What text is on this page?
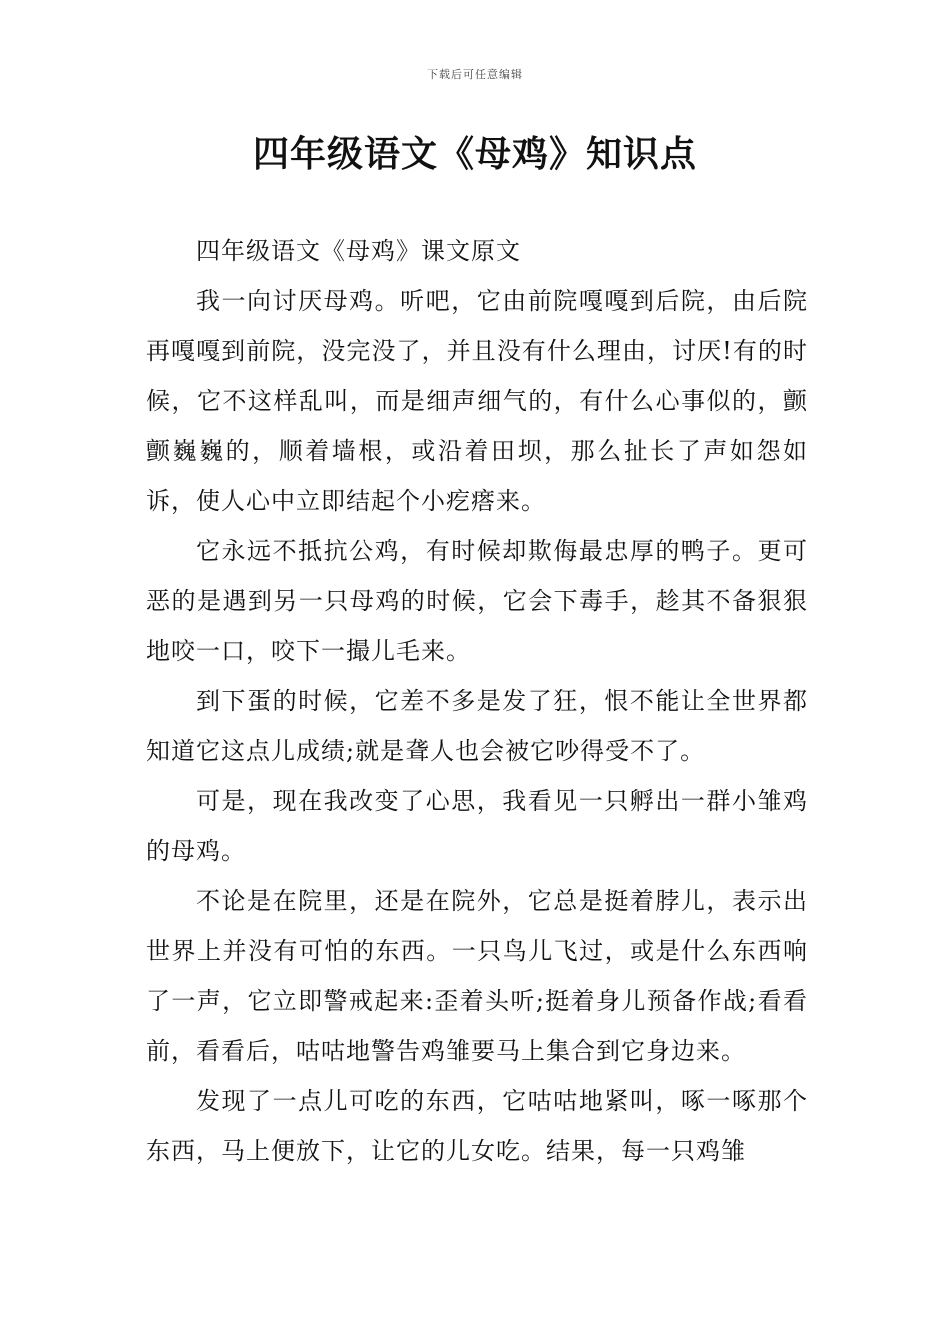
下载后可任意编辑
四年级语文《母鸡》知识点

四年级语文《母鸡》课文原文

我一向讨厌母鸡。听吧，它由前院嘎嘎到后院，由后院再嘎嘎到前院，没完没了，并且没有什么理由，讨厌!有的时候，它不这样乱叫，而是细声细气的，有什么心事似的，颤颤巍巍的，顺着墙根，或沿着田坝，那么扯长了声如怨如诉，使人心中立即结起个小疙瘩来。

它永远不抵抗公鸡，有时候却欺侮最忠厚的鸭子。更可恶的是遇到另一只母鸡的时候，它会下毒手，趁其不备狠狠地咬一口，咬下一撮儿毛来。

到下蛋的时候，它差不多是发了狂，恨不能让全世界都知道它这点儿成绩;就是聋人也会被它吵得受不了。

可是，现在我改变了心思，我看见一只孵出一群小雏鸡的母鸡。

不论是在院里，还是在院外，它总是挺着脖儿，表示出世界上并没有可怕的东西。一只鸟儿飞过，或是什么东西响了一声，它立即警戒起来:歪着头听;挺着身儿预备作战;看看前，看看后，咕咕地警告鸡雏要马上集合到它身边来。

发现了一点儿可吃的东西，它咕咕地紧叫，啄一啄那个东西，马上便放下，让它的儿女吃。结果，每一只鸡雏
